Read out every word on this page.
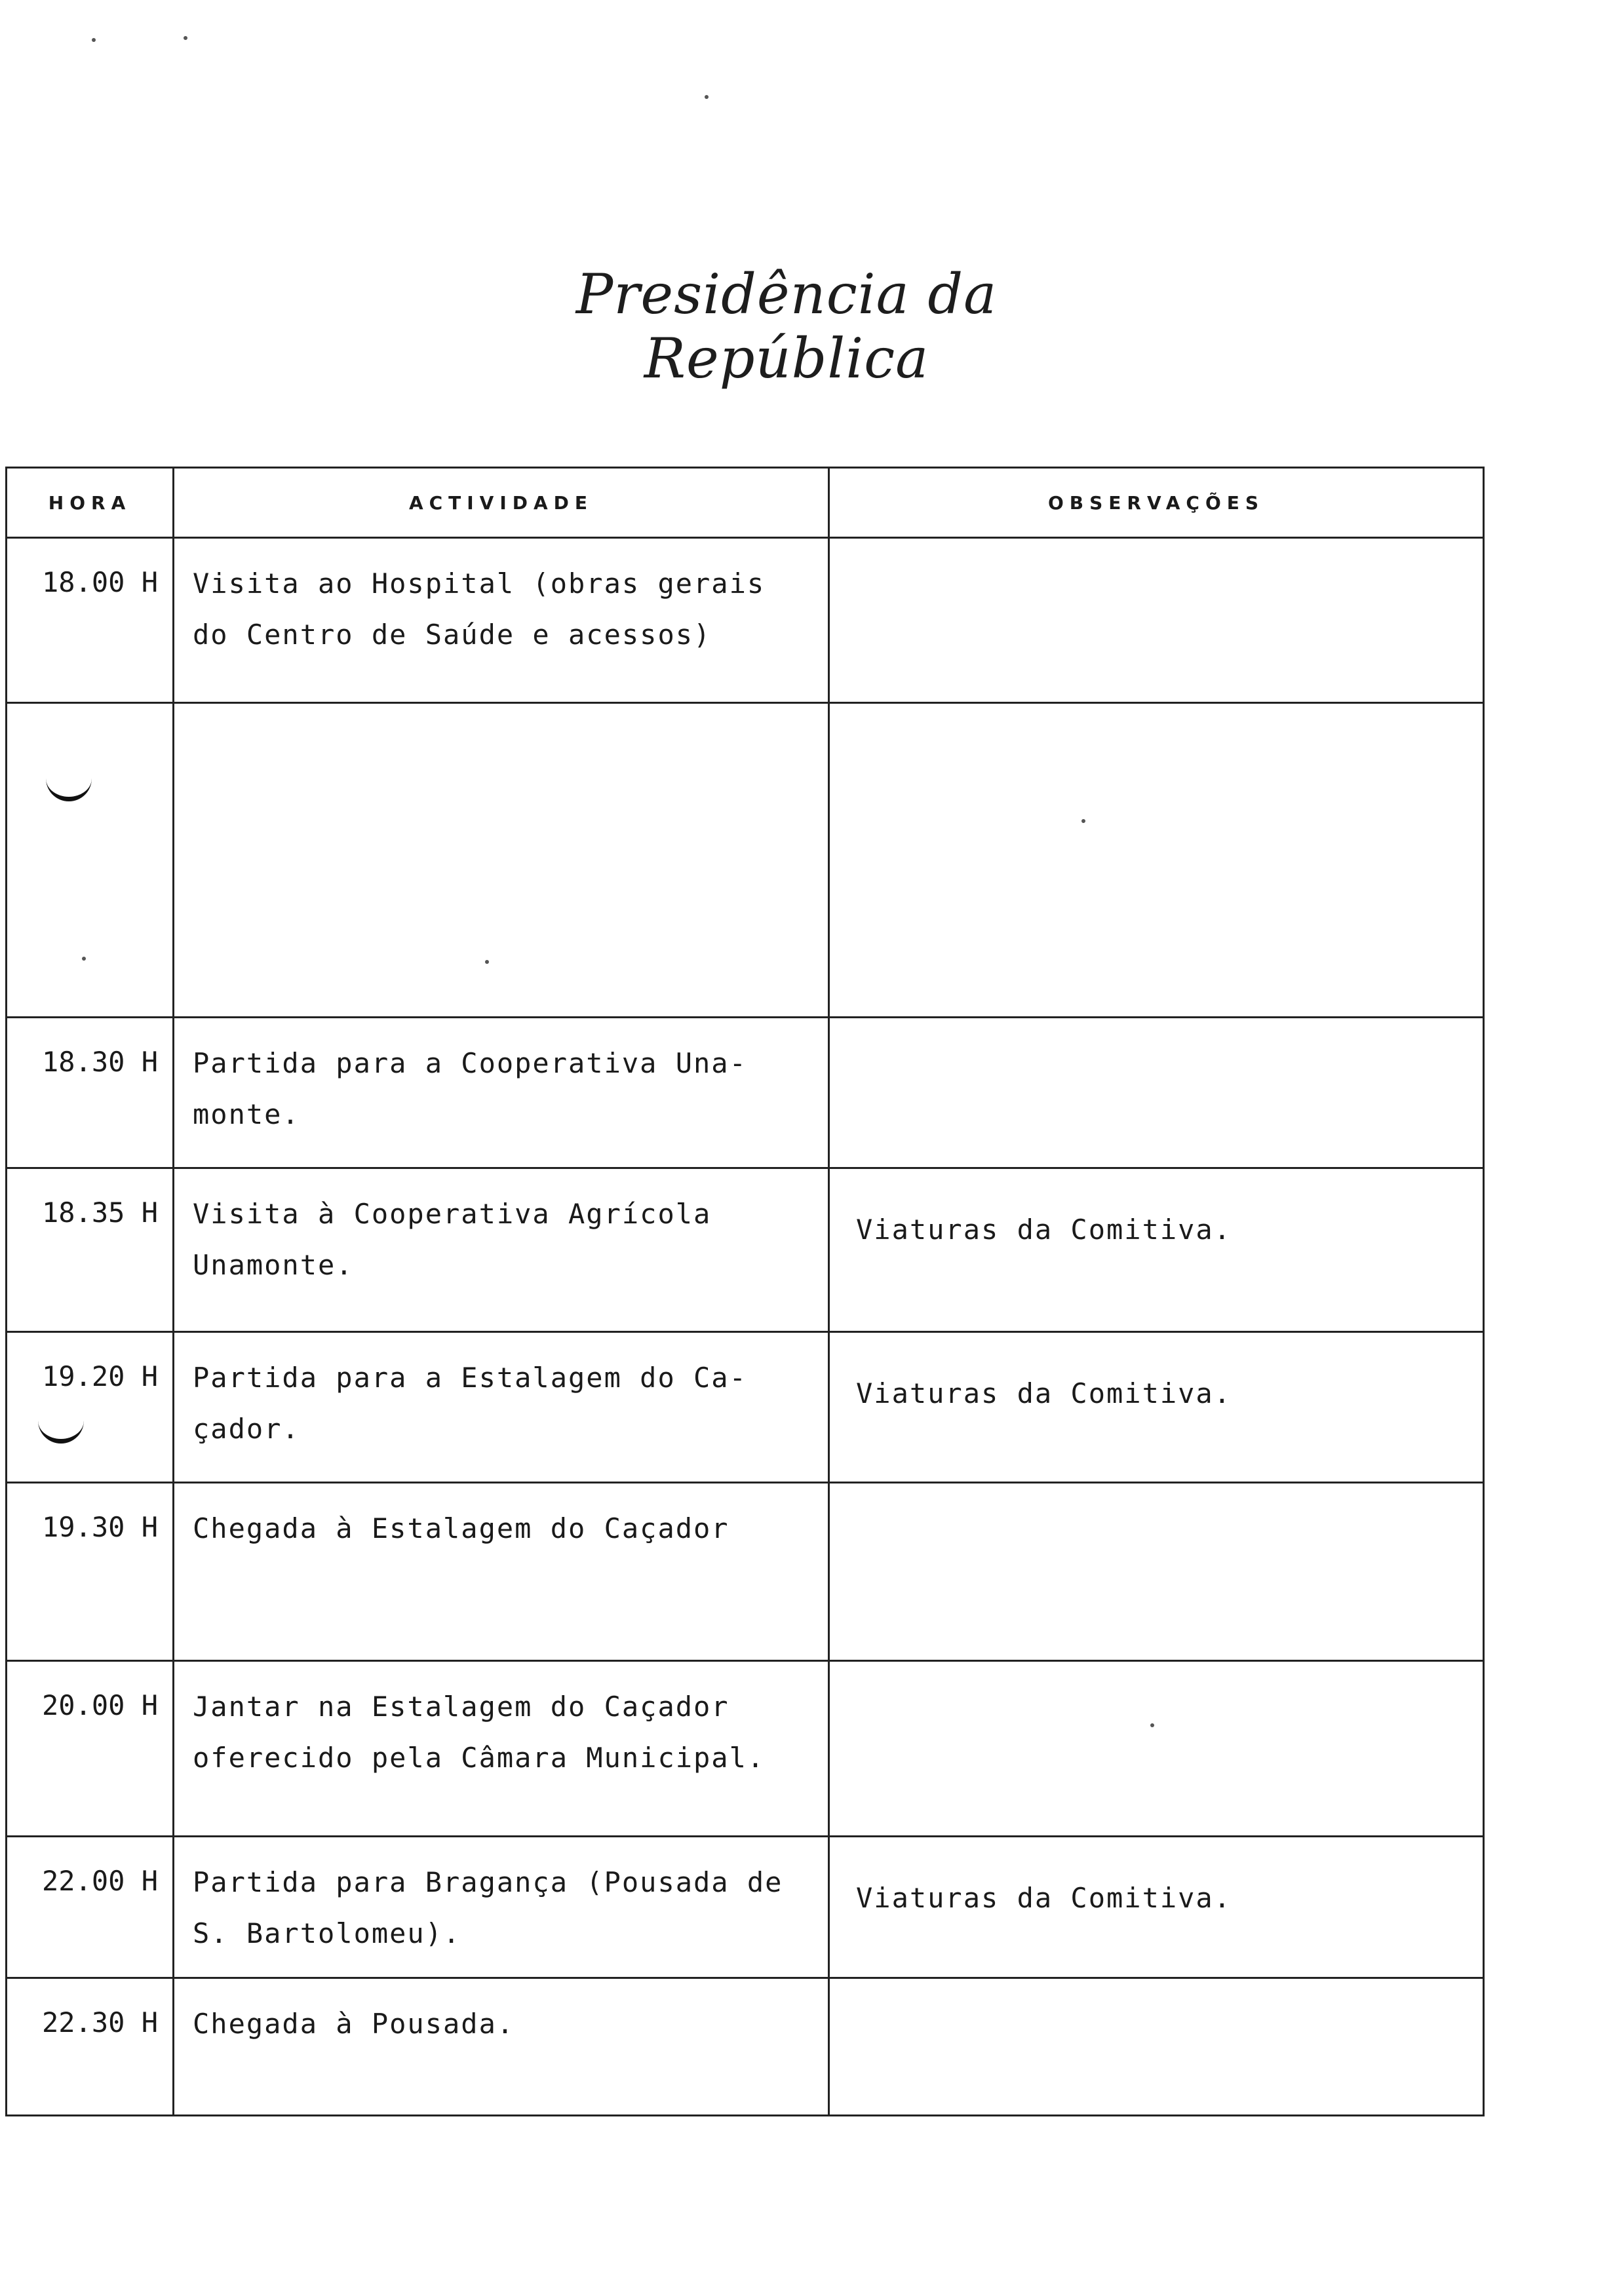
Presidência da República
HORA	ACTIVIDADE	OBSERVAÇÕES
18.00 H	Visita ao Hospital (obras gerais do Centro de Saúde e acessos)	

18.30 H	Partida para a Cooperativa Una-monte.	
18.35 H	Visita à Cooperativa Agrícola Unamonte.	Viaturas da Comitiva.
19.20 H	Partida para a Estalagem do Ca-çador.	Viaturas da Comitiva.
19.30 H	Chegada à Estalagem do Caçador	
20.00 H	Jantar na Estalagem do Caçador oferecido pela Câmara Municipal.	
22.00 H	Partida para Bragança (Pousada de S. Bartolomeu).	Viaturas da Comitiva.
22.30 H	Chegada à Pousada.	
